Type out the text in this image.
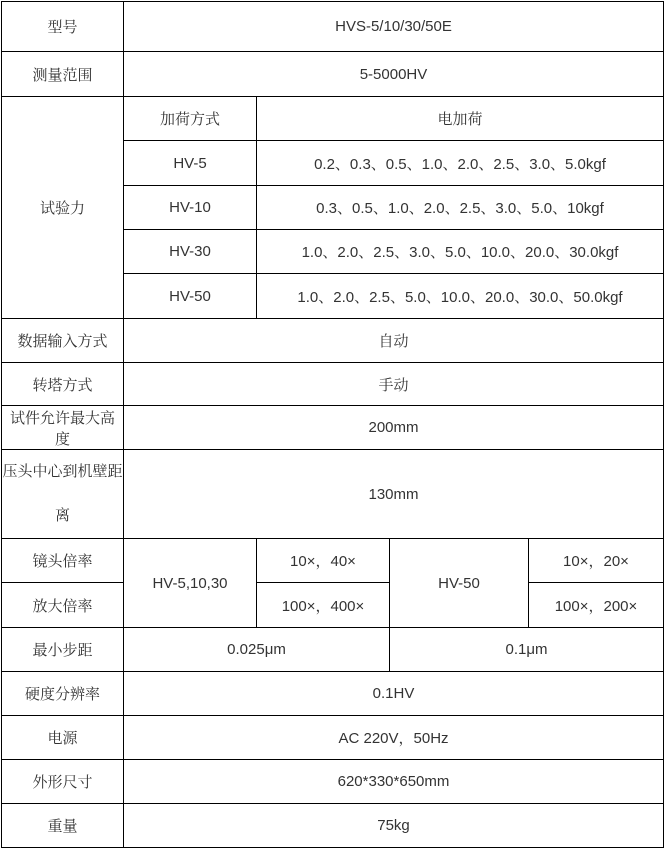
型号	HVS-5/10/30/50E			
测量范围	5-5000HV			
试验力	加荷方式	电加荷		
	HV-5	0.2、0.3、0.5、1.0、2.0、2.5、3.0、5.0kgf		
	HV-10	0.3、0.5、1.0、2.0、2.5、3.0、5.0、10kgf		
	HV-30	1.0、2.0、2.5、3.0、5.0、10.0、20.0、30.0kgf		
	HV-50	1.0、2.0、2.5、5.0、10.0、20.0、30.0、50.0kgf		
数据输入方式	自动			
转塔方式	手动			
试件允许最大高度	200mm			
压头中心到机壁距离	130mm			
镜头倍率	HV-5,10,30	10×，40×	HV-50	10×，20×
放大倍率		100×，400×		100×，200×
最小步距	0.025μm		0.1μm	
硬度分辨率	0.1HV			
电源	AC 220V，50Hz			
外形尺寸	620*330*650mm			
重量	75kg			
